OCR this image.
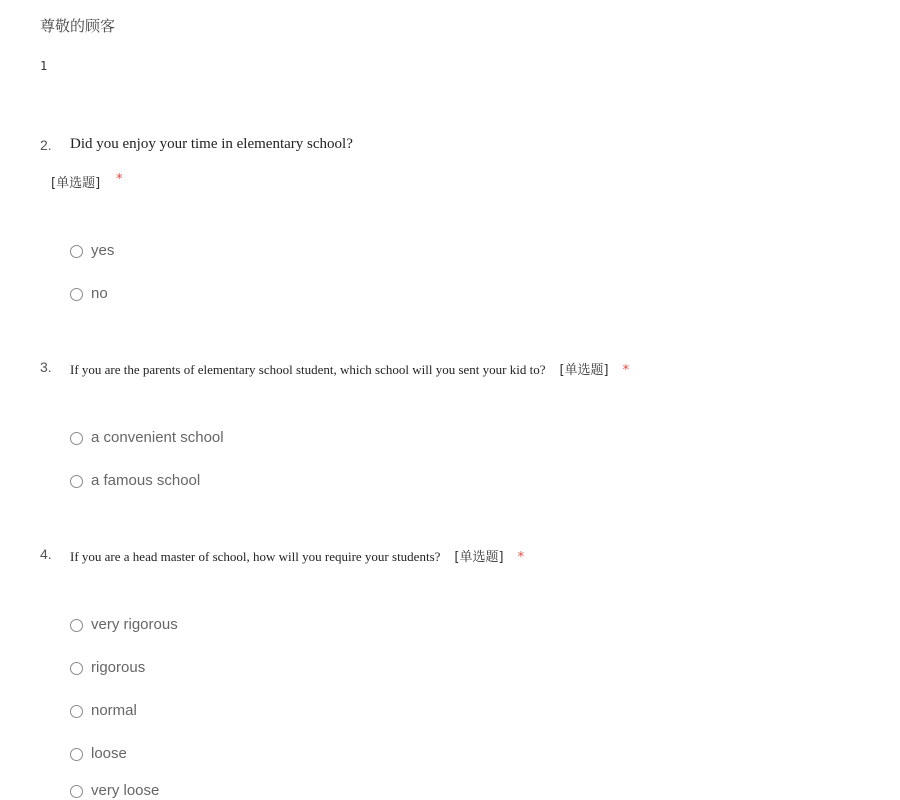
尊敬的顾客
1
2. Did you enjoy your time in elementary school?
[单选题] *
yes
no
3. If you are the parents of elementary school student, which school will you sent your kid to? [单选题] *
a convenient school
a famous school
4. If you are a head master of school, how will you require your students? [单选题] *
very rigorous
rigorous
normal
loose
very loose
